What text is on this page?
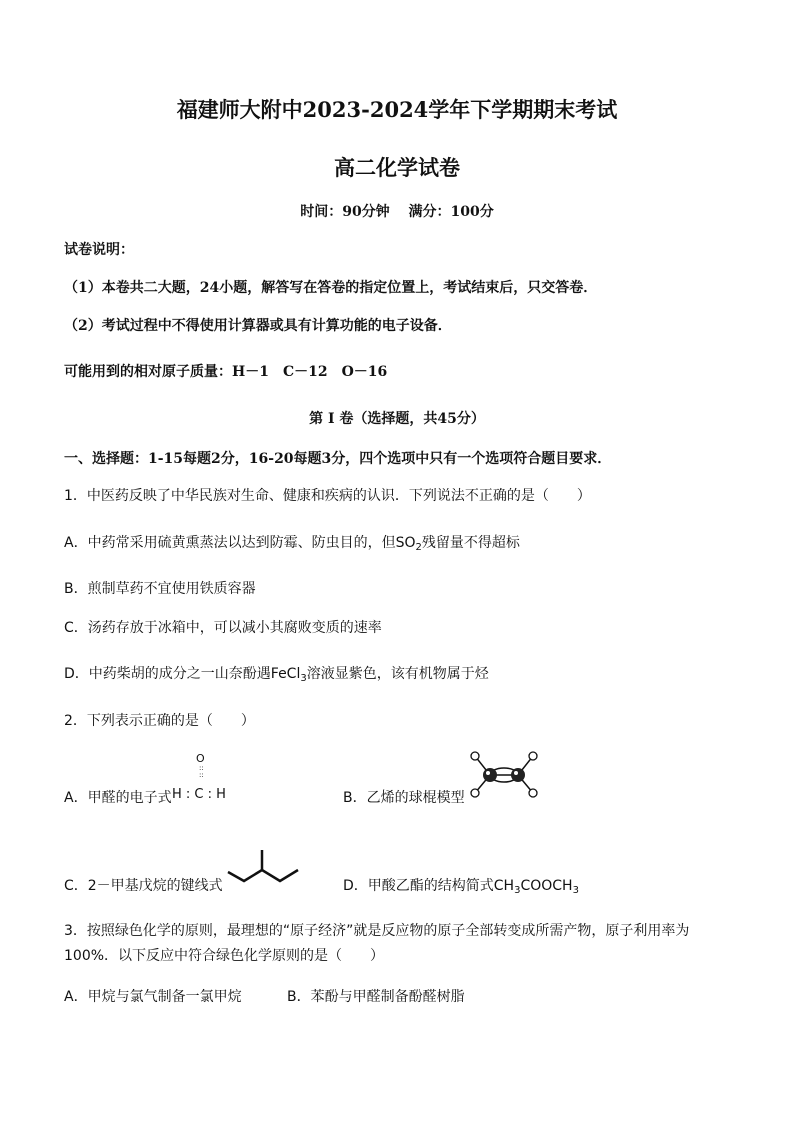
福建师大附中2023-2024学年下学期期末考试
高二化学试卷
时间：90分钟　 满分：100分
试卷说明：
（1）本卷共二大题，24小题，解答写在答卷的指定位置上，考试结束后，只交答卷．
（2）考试过程中不得使用计算器或具有计算功能的电子设备．
可能用到的相对原子质量：H－1　C－12　O－16
第 I 卷（选择题，共45分）
一、选择题：1-15每题2分，16-20每题3分，四个选项中只有一个选项符合题目要求．
1．中医药反映了中华民族对生命、健康和疾病的认识．下列说法不正确的是（　　）
A．中药常采用硫黄熏蒸法以达到防霉、防虫目的，但$SO_2$残留量不得超标
B．煎制草药不宜使用铁质容器
C．汤药存放于冰箱中，可以减小其腐败变质的速率
D．中药柴胡的成分之一山奈酚遇FeCl$_3$溶液显紫色，该有机物属于烃
2．下列表示正确的是（　　）
A．甲醛的电子式
O
::
::
H : C : H	B．乙烯的球棍模型
C．2－甲基戊烷的键线式	D．甲酸乙酯的结构简式$CH_3COOCH_3$
3．按照绿色化学的原则，最理想的“原子经济”就是反应物的原子全部转变成所需产物，原子利用率为
100%．以下反应中符合绿色化学原则的是（　　）
A．甲烷与氯气制备一氯甲烷	B．苯酚与甲醛制备酚醛树脂
